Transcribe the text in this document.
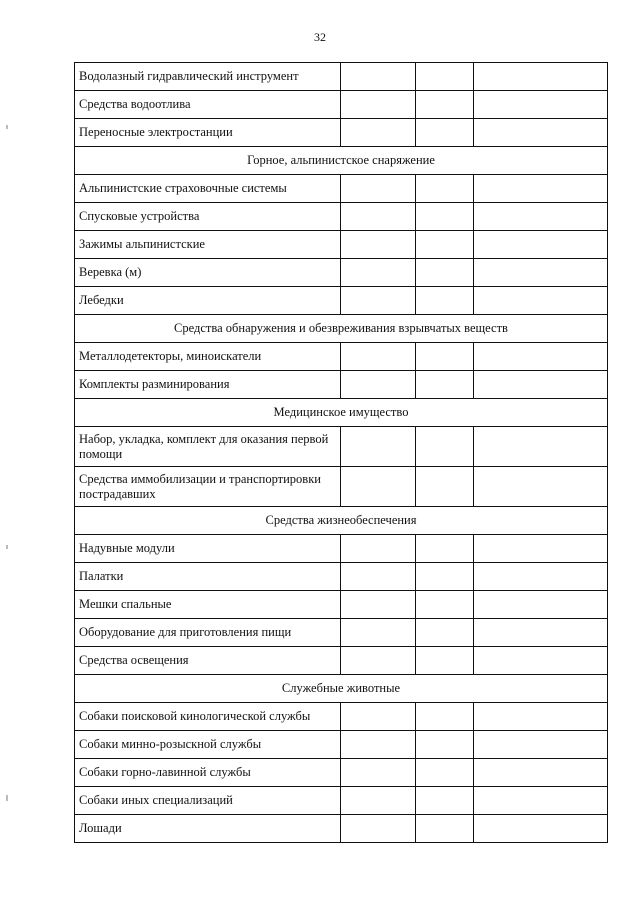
32
Водолазный гидравлический инструмент			
Средства водоотлива			
Переносные электростанции			
Горное, альпинистское снаряжение			
Альпинистские страховочные системы			
Спусковые устройства			
Зажимы альпинистские			
Веревка (м)			
Лебедки			
Средства обнаружения и обезвреживания взрывчатых веществ			
Металлодетекторы, миноискатели			
Комплекты разминирования			
Медицинское имущество			
Набор, укладка, комплект для оказания первой помощи			
Средства иммобилизации и транспортировки пострадавших			
Средства жизнеобеспечения			
Надувные модули			
Палатки			
Мешки спальные			
Оборудование для приготовления пищи			
Средства освещения			
Служебные животные			
Собаки поисковой кинологической службы			
Собаки минно-розыскной службы			
Собаки горно-лавинной службы			
Собаки иных специализаций			
Лошади			
